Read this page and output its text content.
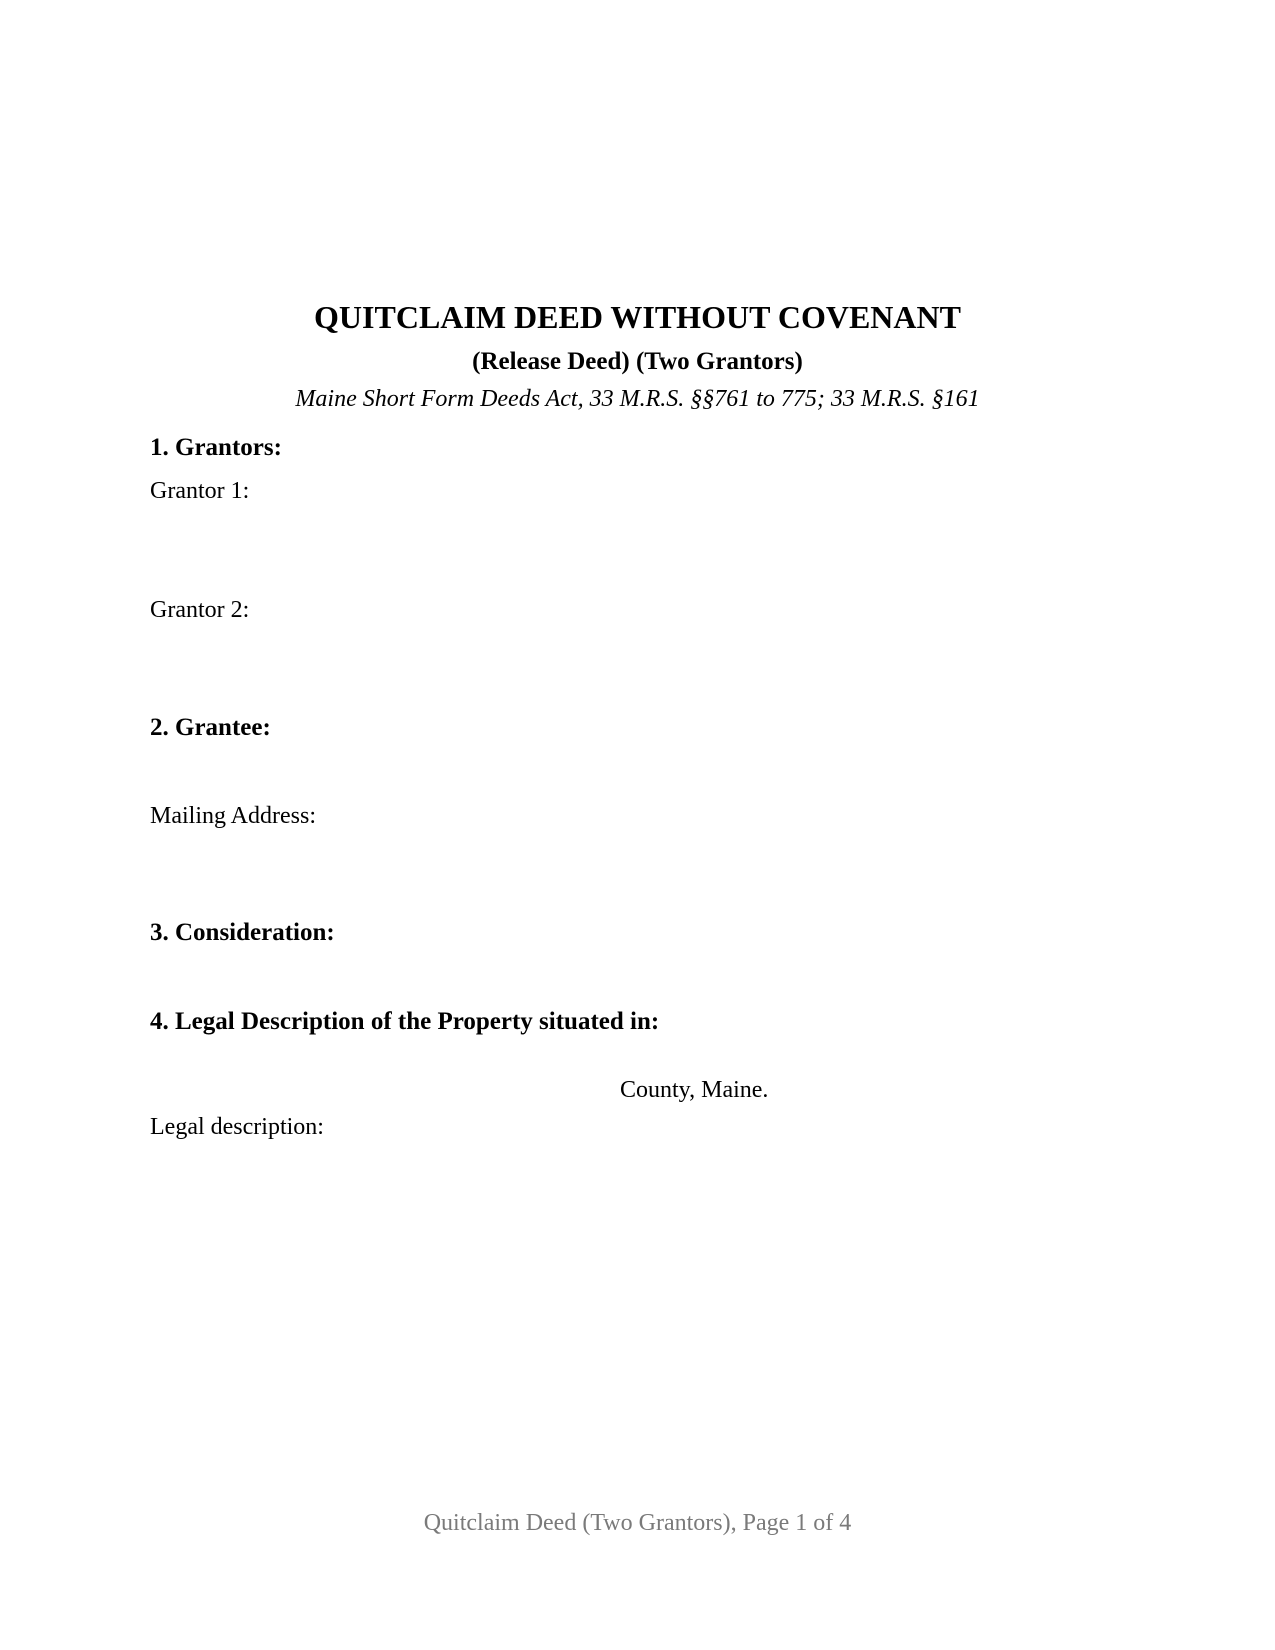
QUITCLAIM DEED WITHOUT COVENANT
(Release Deed) (Two Grantors)
Maine Short Form Deeds Act, 33 M.R.S. §§761 to 775; 33 M.R.S. §161
1. Grantors:
Grantor 1:
Grantor 2:
2. Grantee:
Mailing Address:
3. Consideration:
4. Legal Description of the Property situated in:
County, Maine.
Legal description:
Quitclaim Deed (Two Grantors), Page 1 of 4
